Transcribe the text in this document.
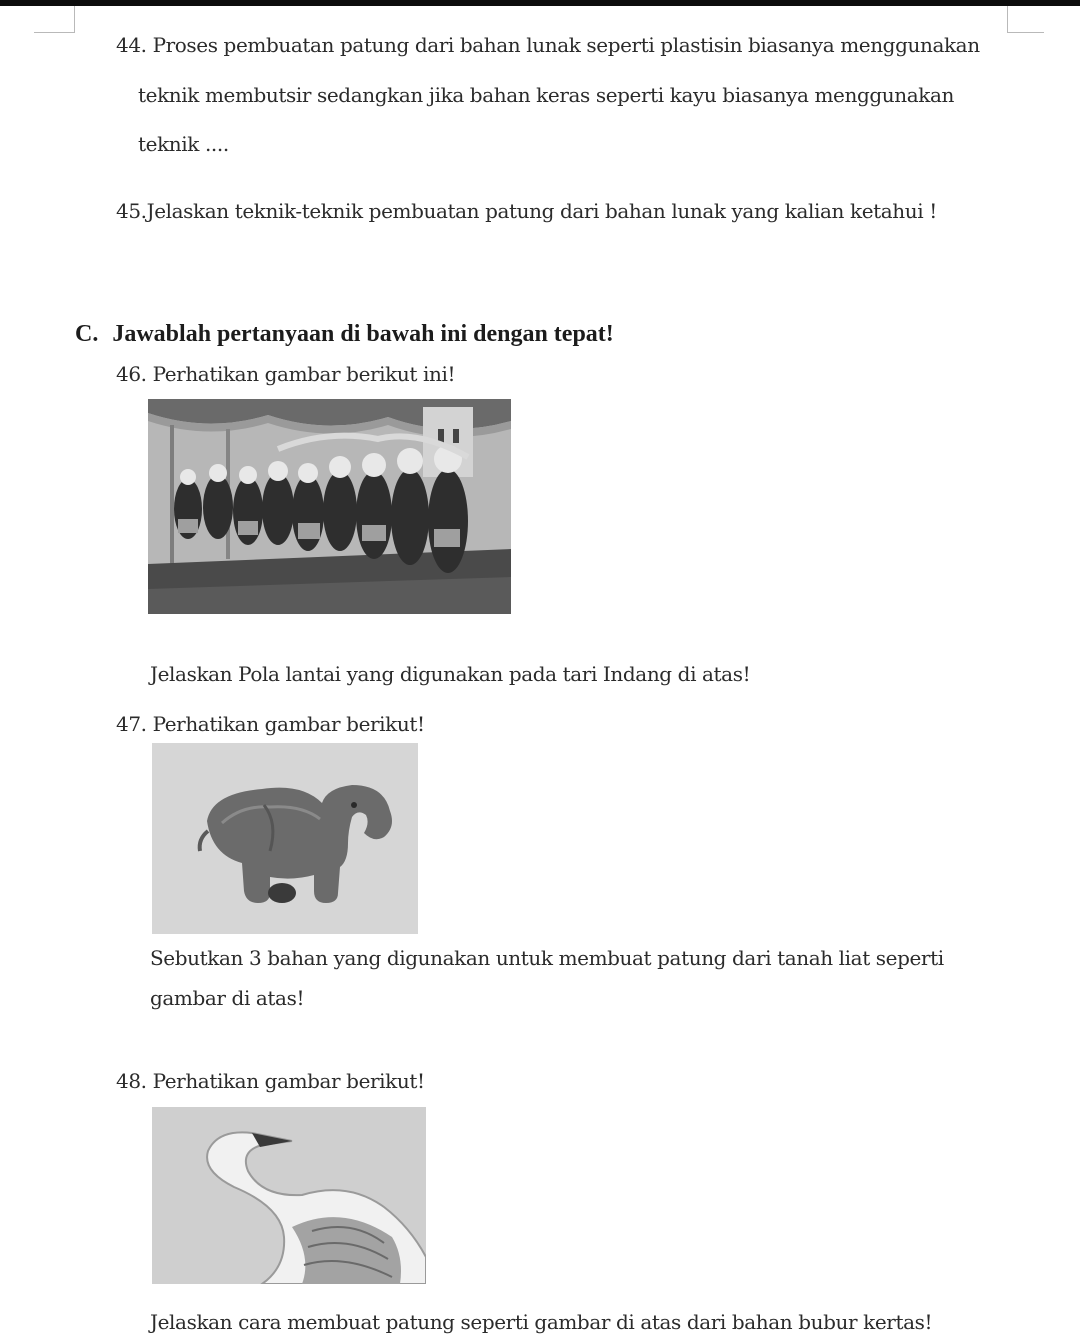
44. Proses pembuatan patung dari bahan lunak seperti plastisin biasanya menggunakan
teknik membutsir sedangkan jika bahan keras seperti kayu biasanya menggunakan
teknik ....
45.Jelaskan teknik-teknik pembuatan patung dari bahan lunak yang kalian ketahui !
C. Jawablah pertanyaan di bawah ini dengan tepat!
46. Perhatikan gambar berikut ini!
Jelaskan Pola lantai yang digunakan pada tari Indang di atas!
47. Perhatikan gambar berikut!
Sebutkan 3 bahan yang digunakan untuk membuat patung dari tanah liat seperti
gambar di atas!
48. Perhatikan gambar berikut!
Jelaskan cara membuat patung seperti gambar di atas dari bahan bubur kertas!
